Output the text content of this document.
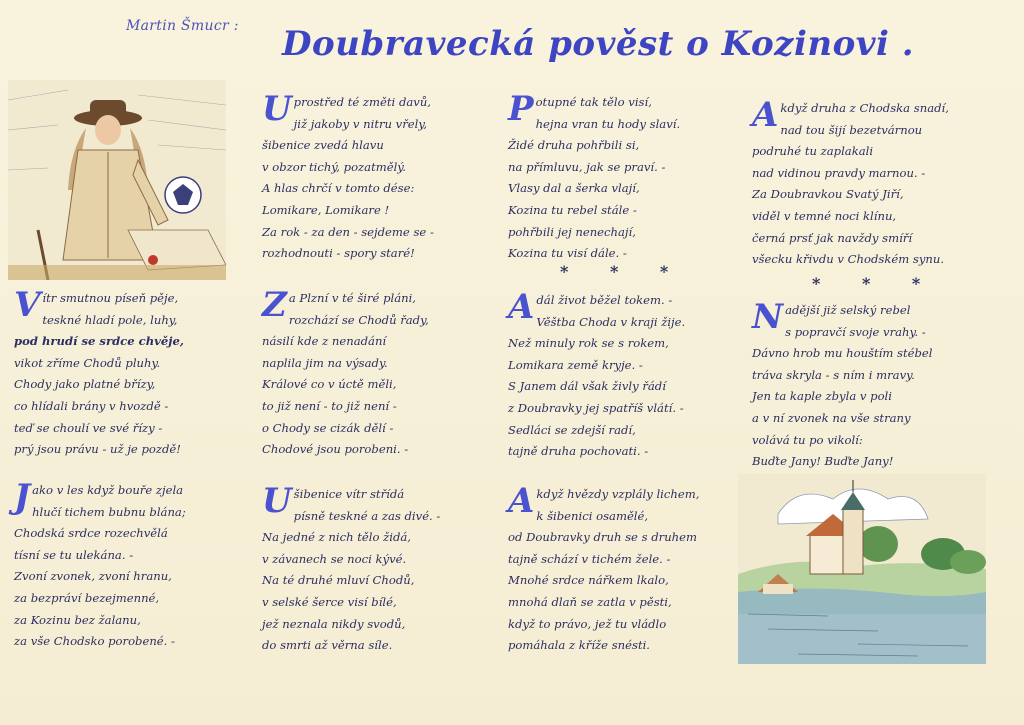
Martin Šmucr : Doubravecká pověst o Kozinovi .
V ítr smutnou píseň pěje,
teskné hladí pole, luhy,
pod hrudí se srdce chvěje,
vikot zříme Chodů pluhy.
Chody jako platné břízy,
co hlídali brány v hvozdě -
teď se choulí ve své řízy -
prý jsou právu - už je pozdě!
J ako v les když bouře zjela
hlučí tichem bubnu blána;
Chodská srdce rozechvělá
tísní se tu ulekána. -
Zvoní zvonek, zvoní hranu,
za bezpráví bezejmenné,
za Kozinu bez žalanu,
za vše Chodsko porobené. -
U prostřed té změti davů,
již jakoby v nitru vřely,
šibenice zvedá hlavu
v obzor tichý, pozatmělý.
A hlas chrčí v tomto dése:
Lomikare, Lomikare !
Za rok - za den - sejdeme se -
rozhodnouti - spory staré!
Z a Plzní v té širé pláni,
rozchází se Chodů řady,
násilí kde z nenadání
naplila jim na výsady.
Králové co v úctě měli,
to již není - to již není -
o Chody se cizák dělí -
Chodové jsou porobeni. -
U šibenice vítr střídá
písně teskné a zas divé. -
Na jedné z nich tělo židá,
v závanech se noci kývé.
Na té druhé mluví Chodů,
v selské šerce visí bílé,
jež neznala nikdy svodů,
do smrti až věrna síle.
P otupné tak tělo visí,
hejna vran tu hody slaví.
Židé druha pohřbili si,
na přímluvu, jak se praví. -
Vlasy dal a šerka vlají,
Kozina tu rebel stále -
pohřbili jej nenechají,
Kozina tu visí dále. -
* * *
A dál život běžel tokem. -
Věštba Choda v kraji žije.
Než minuly rok se s rokem,
Lomikara země kryje. -
S Janem dál však živly řádí
z Doubravky jej spatříš vlátí. -
Sedláci se zdejší radí,
tajně druha pochovati. -
A když hvězdy vzplály lichem,
k šibenici osamělé,
od Doubravky druh se s druhem
tajně schází v tichém žele. -
Mnohé srdce nářkem lkalo,
mnohá dlaň se zatla v pěsti,
když to právo, jež tu vládlo
pomáhala z kříže snésti.
A když druha z Chodska snadí,
nad tou šijí bezetvárnou
podruhé tu zaplakali
nad vidinou pravdy marnou. -
Za Doubravkou Svatý Jiří,
viděl v temné noci klínu,
černá prsť jak navždy smíří
všecku křivdu v Chodském synu.
* * *
N adější již selský rebel
s popravčí svoje vrahy. -
Dávno hrob mu houštím stébel
tráva skryla - s ním i mravy.
Jen ta kaple zbyla v poli
a v ní zvonek na vše strany
volává tu po vikolí:
Buďte Jany! Buďte Jany!
